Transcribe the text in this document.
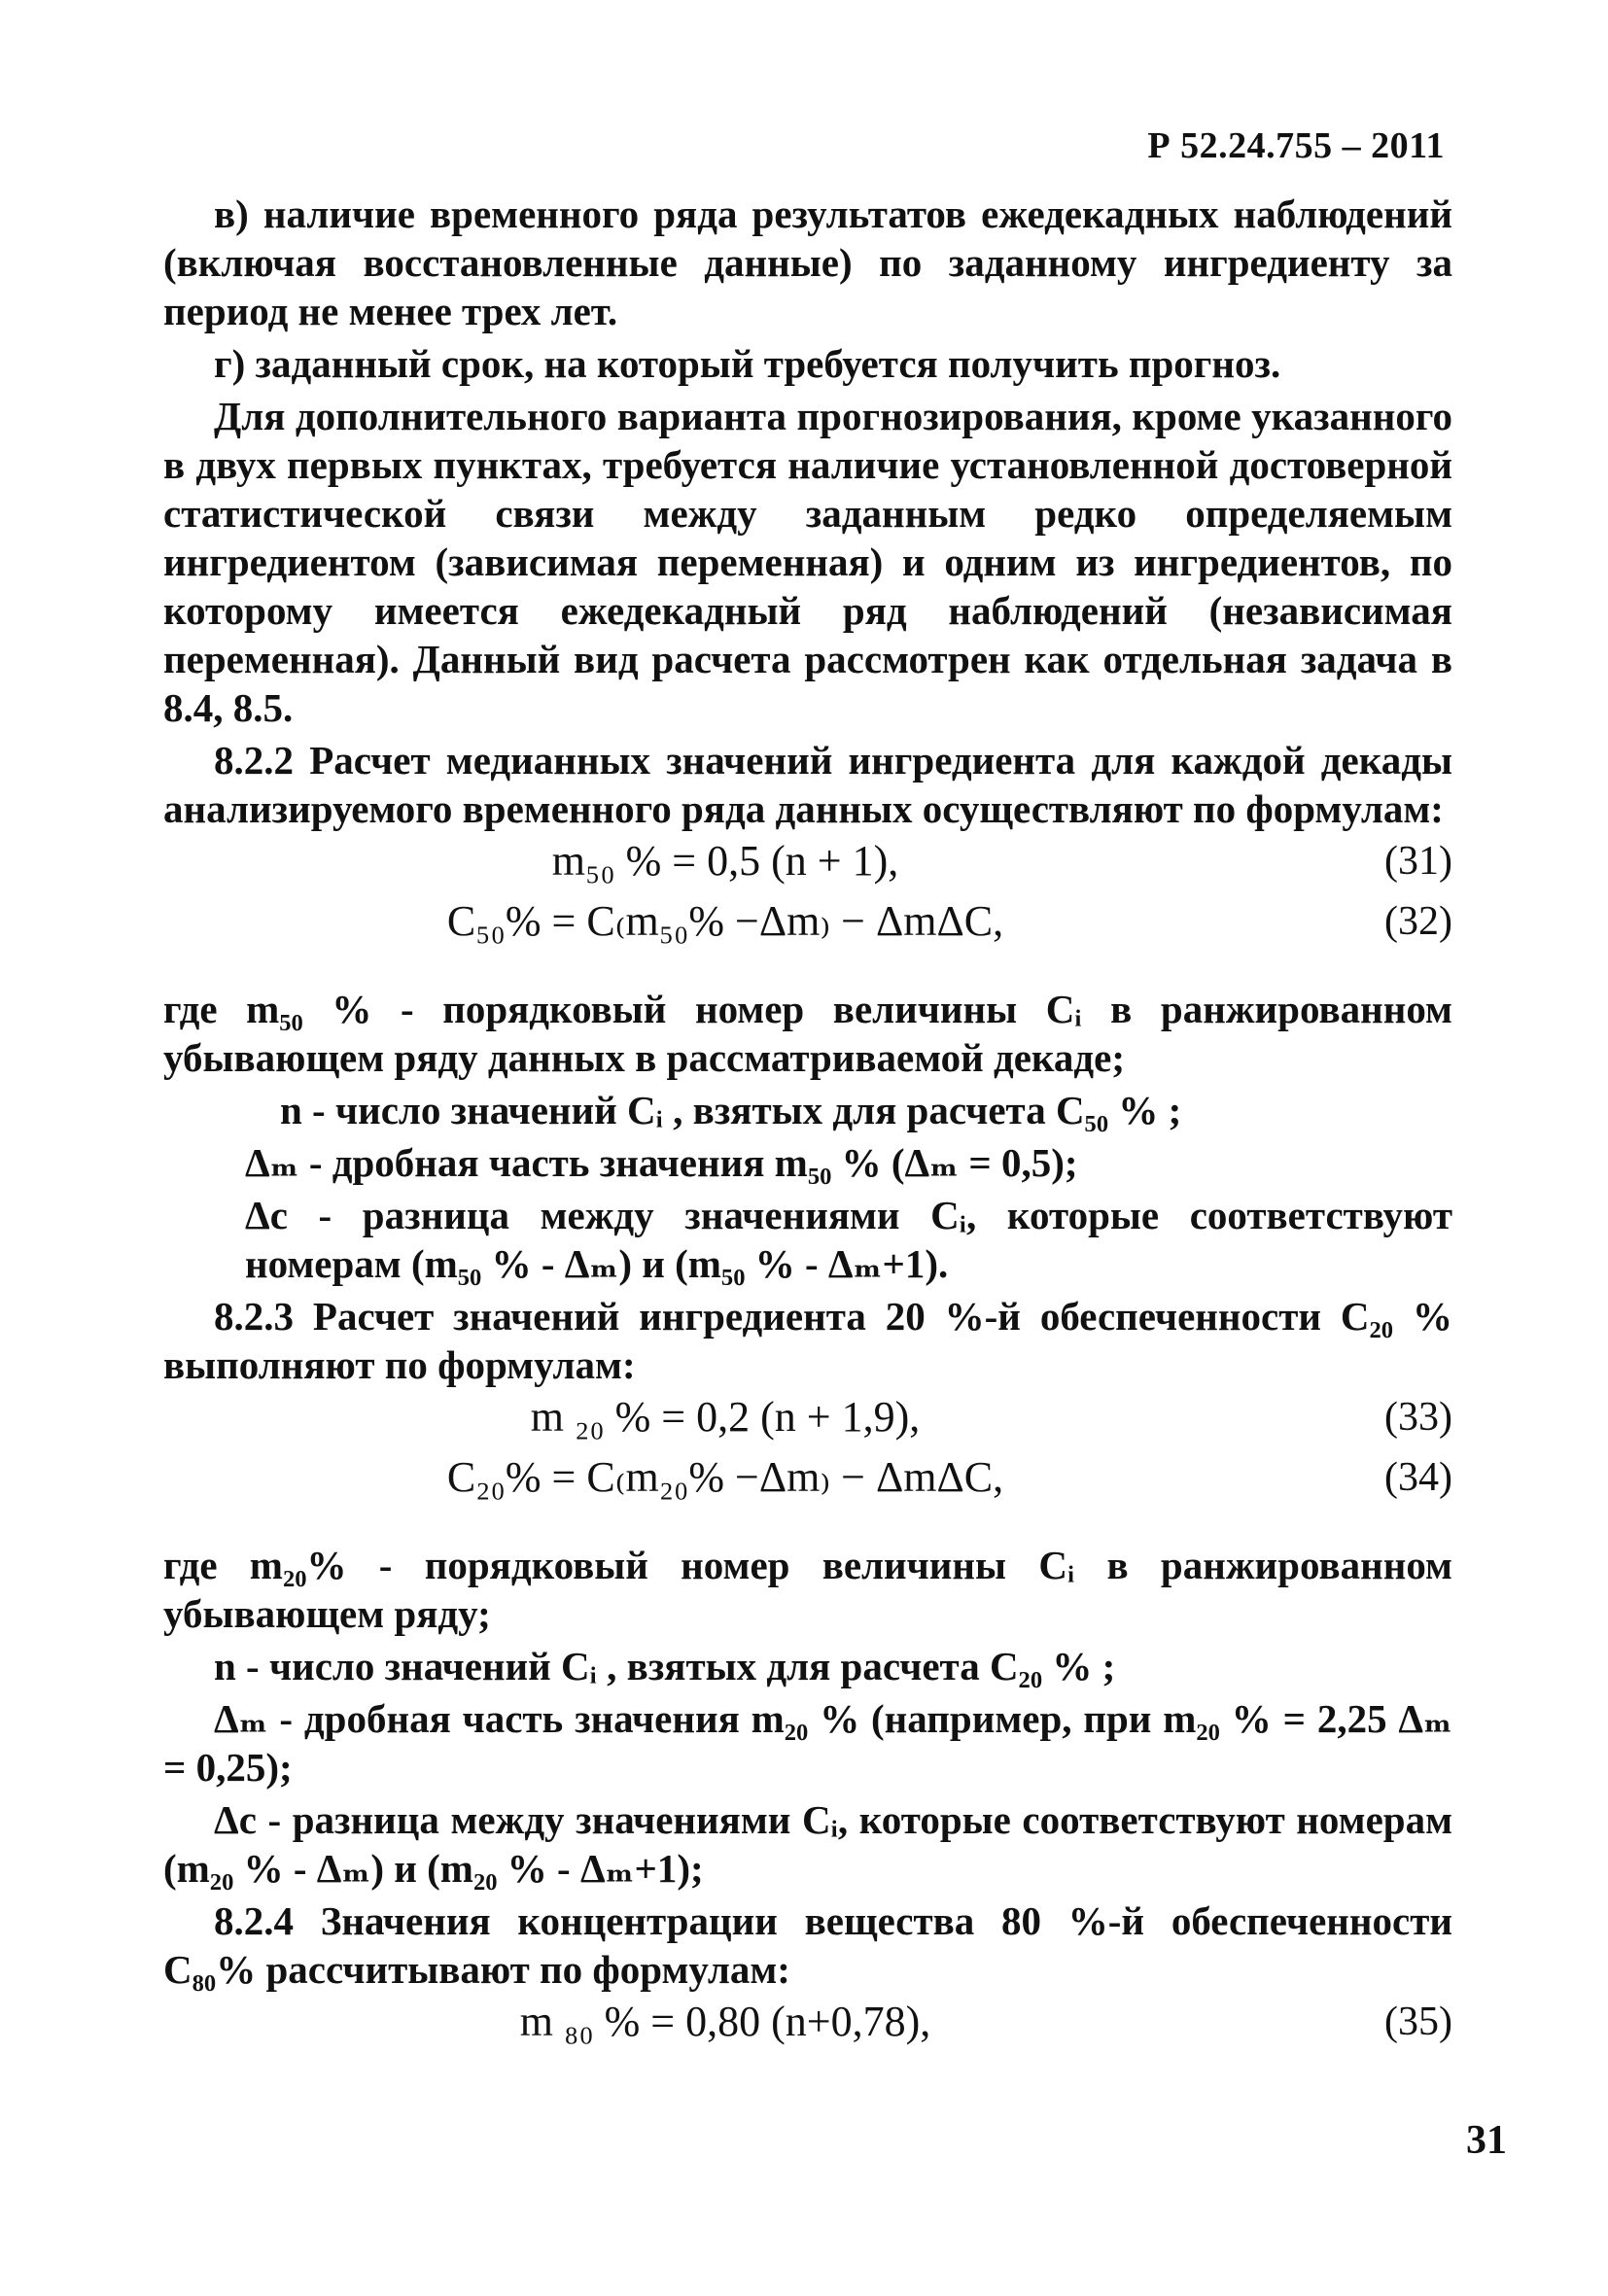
Р 52.24.755 – 2011

в) наличие временного ряда результатов ежедекадных наблюдений (включая восстановленные данные) по заданному ингредиенту за период не менее трех лет.

г) заданный срок, на который требуется получить прогноз.

Для дополнительного варианта прогнозирования, кроме указанного в двух первых пунктах, требуется наличие установленной достоверной статистической связи между заданным редко определяемым ингредиентом (зависимая переменная) и одним из ингредиентов, по которому имеется ежедекадный ряд наблюдений (независимая переменная). Данный вид расчета рассмотрен как отдельная задача в 8.4, 8.5.

8.2.2 Расчет медианных значений ингредиента для каждой декады анализируемого временного ряда данных осуществляют по формулам:

m₅₀ % = 0,5 (n + 1),	(31)
C₅₀% = C₍m₅₀% −Δm₎ − ΔmΔC,	(32)

где m₅₀ % - порядковый номер величины Cᵢ в ранжированном убывающем ряду данных в рассматриваемой декаде;

n - число значений Cᵢ , взятых для расчета C₅₀ % ;

Δₘ - дробная часть значения m₅₀ % (Δₘ = 0,5);

Δc - разница между значениями Cᵢ, которые соответствуют номерам (m₅₀ % - Δₘ) и (m₅₀ % - Δₘ+1).

8.2.3 Расчет значений ингредиента 20 %-й обеспеченности C₂₀ % выполняют по формулам:

m ₂₀ % = 0,2 (n + 1,9),	(33)
C₂₀% = C₍m₂₀% −Δm₎ − ΔmΔC,	(34)

где m₂₀% - порядковый номер величины Cᵢ в ранжированном убывающем ряду;

n - число значений Cᵢ , взятых для расчета C₂₀ % ;

Δₘ - дробная часть значения m₂₀ % (например, при m₂₀ % = 2,25 Δₘ = 0,25);

Δc - разница между значениями Cᵢ, которые соответствуют номерам (m₂₀ % - Δₘ) и (m₂₀ % - Δₘ+1);

8.2.4 Значения концентрации вещества 80 %-й обеспеченности C₈₀% рассчитывают по формулам:

m ₈₀ % = 0,80 (n+0,78),	(35)
31
